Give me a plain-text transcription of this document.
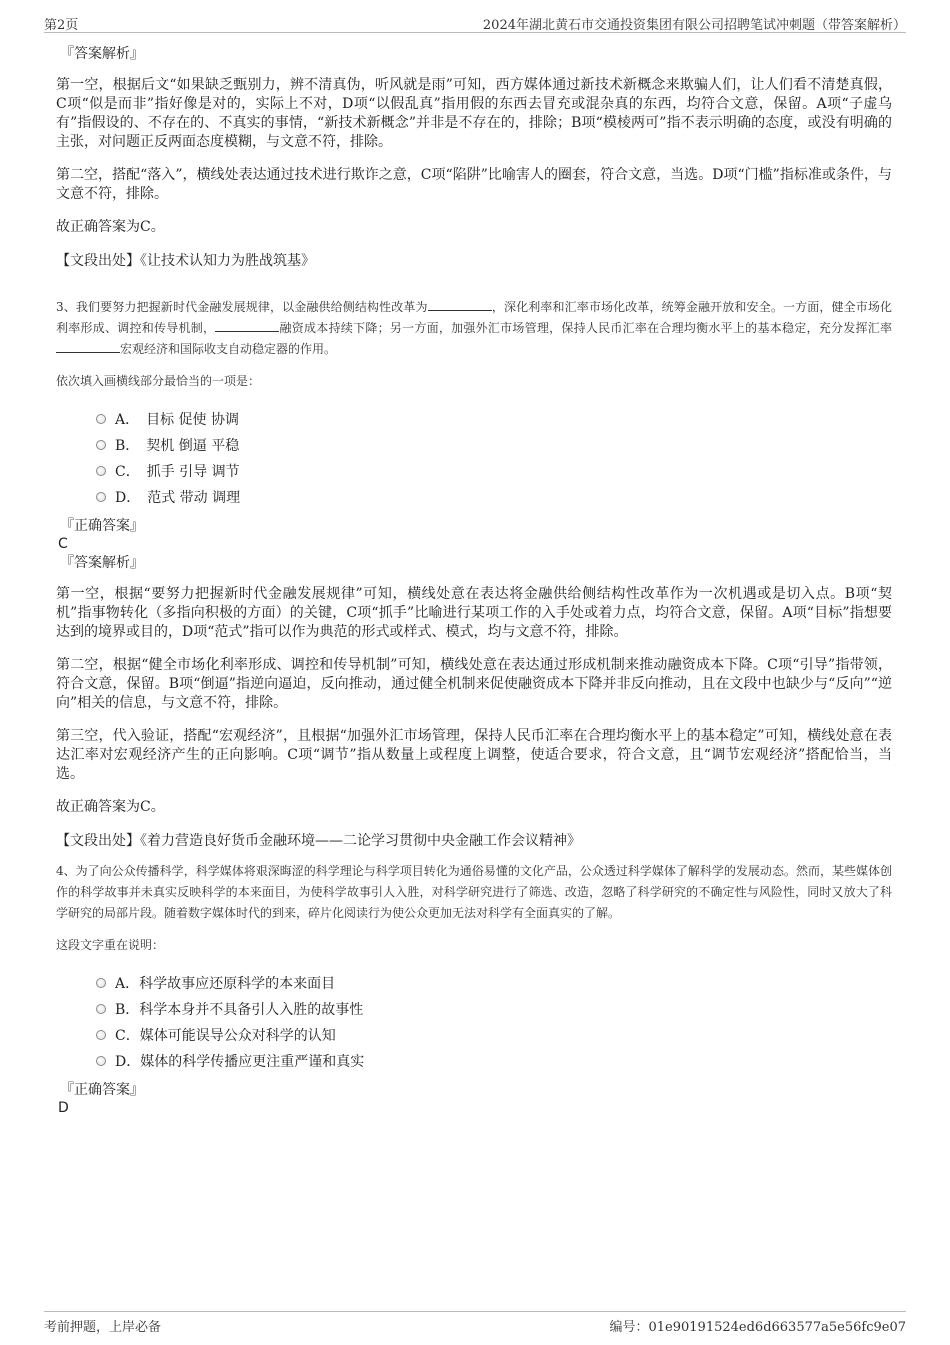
第2页	2024年湖北黄石市交通投资集团有限公司招聘笔试冲刺题（带答案解析）
『答案解析』

第一空，根据后文“如果缺乏甄别力，辨不清真伪，听风就是雨”可知，西方媒体通过新技术新概念来欺骗人们，让人们看不清楚真假，C项“似是而非”指好像是对的，实际上不对，D项“以假乱真”指用假的东西去冒充或混杂真的东西，均符合文意，保留。A项“子虚乌有”指假设的、不存在的、不真实的事情，“新技术新概念”并非是不存在的，排除；B项“模棱两可”指不表示明确的态度，或没有明确的主张，对问题正反两面态度模糊，与文意不符，排除。

第二空，搭配“落入”，横线处表达通过技术进行欺诈之意，C项“陷阱”比喻害人的圈套，符合文意，当选。D项“门槛”指标准或条件，与文意不符，排除。

故正确答案为C。

【文段出处】《让技术认知力为胜战筑基》

3、我们要努力把握新时代金融发展规律，以金融供给侧结构性改革为	，深化利率和汇率市场化改革，统筹金融开放和安全。一方面，健全市场化利率形成、调控和传导机制，	融资成本持续下降；另一方面，加强外汇市场管理，保持人民币汇率在合理均衡水平上的基本稳定，充分发挥汇率宏观经济和国际收支自动稳定器的作用。

依次填入画横线部分最恰当的一项是：

A．　目标 促使 协调
B．　契机 倒逼 平稳
C．　抓手 引导 调节
D．　范式 带动 调理
『正确答案』
C
『答案解析』

第一空，根据“要努力把握新时代金融发展规律”可知，横线处意在表达将金融供给侧结构性改革作为一次机遇或是切入点。B项“契机”指事物转化（多指向积极的方面）的关键，C项“抓手”比喻进行某项工作的入手处或着力点，均符合文意，保留。A项“目标”指想要达到的境界或目的，D项“范式”指可以作为典范的形式或样式、模式，均与文意不符，排除。

第二空，根据“健全市场化利率形成、调控和传导机制”可知，横线处意在表达通过形成机制来推动融资成本下降。C项“引导”指带领，符合文意，保留。B项“倒逼”指逆向逼迫，反向推动，通过健全机制来促使融资成本下降并非反向推动，且在文段中也缺少与“反向”“逆向”相关的信息，与文意不符，排除。

第三空，代入验证，搭配“宏观经济”，且根据“加强外汇市场管理，保持人民币汇率在合理均衡水平上的基本稳定”可知，横线处意在表达汇率对宏观经济产生的正向影响。C项“调节”指从数量上或程度上调整，使适合要求，符合文意，且“调节宏观经济”搭配恰当，当选。

故正确答案为C。

【文段出处】《着力营造良好货币金融环境——二论学习贯彻中央金融工作会议精神》

4、为了向公众传播科学，科学媒体将艰深晦涩的科学理论与科学项目转化为通俗易懂的文化产品，公众透过科学媒体了解科学的发展动态。然而，某些媒体创作的科学故事并未真实反映科学的本来面目，为使科学故事引人入胜，对科学研究进行了筛选、改造，忽略了科学研究的不确定性与风险性，同时又放大了科学研究的局部片段。随着数字媒体时代的到来，碎片化阅读行为使公众更加无法对科学有全面真实的了解。

这段文字重在说明：

A．科学故事应还原科学的本来面目
B．科学本身并不具备引人入胜的故事性
C．媒体可能误导公众对科学的认知
D．媒体的科学传播应更注重严谨和真实
『正确答案』
D
考前押题，上岸必备	编号：01e90191524ed6d663577a5e56fc9e07
